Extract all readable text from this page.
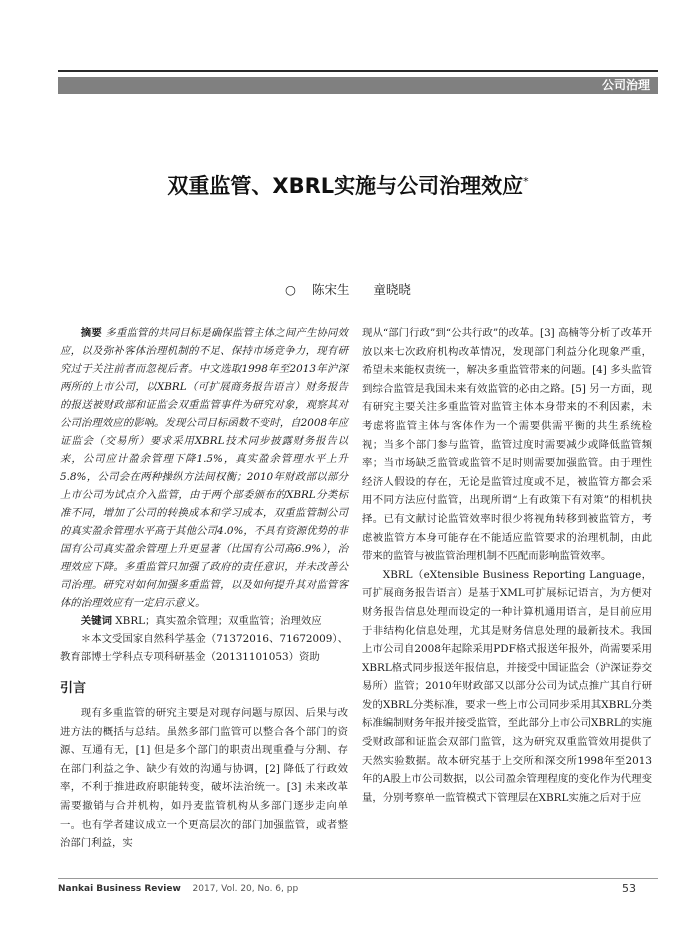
公司治理
双重监管、XBRL实施与公司治理效应*
○ 陈宋生 童晓晓

摘要 多重监管的共同目标是确保监管主体之间产生协同效应，以及弥补客体治理机制的不足、保持市场竞争力，现有研究过于关注前者而忽视后者。中文选取1998年至2013年沪深两所的上市公司，以XBRL（可扩展商务报告语言）财务报告的报送被财政部和证监会双重监管事件为研究对象，观察其对公司治理效应的影响。发现公司目标函数不变时，自2008年应证监会（交易所）要求采用XBRL技术同步披露财务报告以来，公司应计盈余管理下降1.5%，真实盈余管理水平上升5.8%，公司会在两种操纵方法间权衡；2010年财政部以部分上市公司为试点介入监管，由于两个部委颁布的XBRL分类标准不同，增加了公司的转换成本和学习成本，双重监管制公司的真实盈余管理水平高于其他公司4.0%，不具有资源优势的非国有公司真实盈余管理上升更显著（比国有公司高6.9%），治理效应下降。多重监管只加强了政府的责任意识，并未改善公司治理。研究对如何加强多重监管，以及如何提升其对监管客体的治理效应有一定启示意义。

关键词 XBRL；真实盈余管理；双重监管；治理效应

＊本文受国家自然科学基金（71372016、71672009）、教育部博士学科点专项科研基金（20131101053）资助

引言

现有多重监管的研究主要是对现存问题与原因、后果与改进方法的概括与总结。虽然多部门监管可以整合各个部门的资源、互通有无，[1] 但是多个部门的职责出现重叠与分割、存在部门利益之争、缺少有效的沟通与协调，[2] 降低了行政效率，不利于推进政府职能转变，破坏法治统一。[3] 未来改革需要撤销与合并机构，如丹麦监管机构从多部门逐步走向单一。也有学者建议成立一个更高层次的部门加强监管，或者整治部门利益，实

现从“部门行政”到“公共行政”的改革。[3] 高楠等分析了改革开放以来七次政府机构改革情况，发现部门利益分化现象严重，希望未来能权责统一，解决多重监管带来的问题。[4] 多头监管到综合监管是我国未来有效监管的必由之路。[5] 另一方面，现有研究主要关注多重监管对监管主体本身带来的不利因素，未考虑将监管主体与客体作为一个需要供需平衡的共生系统检视；当多个部门参与监管，监管过度时需要减少或降低监管频率；当市场缺乏监管或监管不足时则需要加强监管。由于理性经济人假设的存在，无论是监管过度或不足，被监管方都会采用不同方法应付监管，出现所谓“上有政策下有对策”的相机抉择。已有文献讨论监管效率时很少将视角转移到被监管方，考虑被监管方本身可能存在不能适应监管要求的治理机制，由此带来的监管与被监管治理机制不匹配而影响监管效率。

XBRL（eXtensible Business Reporting Language，可扩展商务报告语言）是基于XML可扩展标记语言，为方便对财务报告信息处理而设定的一种计算机通用语言，是目前应用于非结构化信息处理，尤其是财务信息处理的最新技术。我国上市公司自2008年起除采用PDF格式报送年报外，尚需要采用XBRL格式同步报送年报信息，并接受中国证监会（沪深证券交易所）监管；2010年财政部又以部分公司为试点推广其自行研发的XBRL分类标准，要求一些上市公司同步采用其XBRL分类标准编制财务年报并接受监管，至此部分上市公司XBRL的实施受财政部和证监会双部门监管，这为研究双重监管效用提供了天然实验数据。故本研究基于上交所和深交所1998年至2013年的A股上市公司数据，以公司盈余管理程度的变化作为代理变量，分别考察单一监管模式下管理层在XBRL实施之后对于应

Nankai Business Review 2017, Vol. 20, No. 6, pp	53
